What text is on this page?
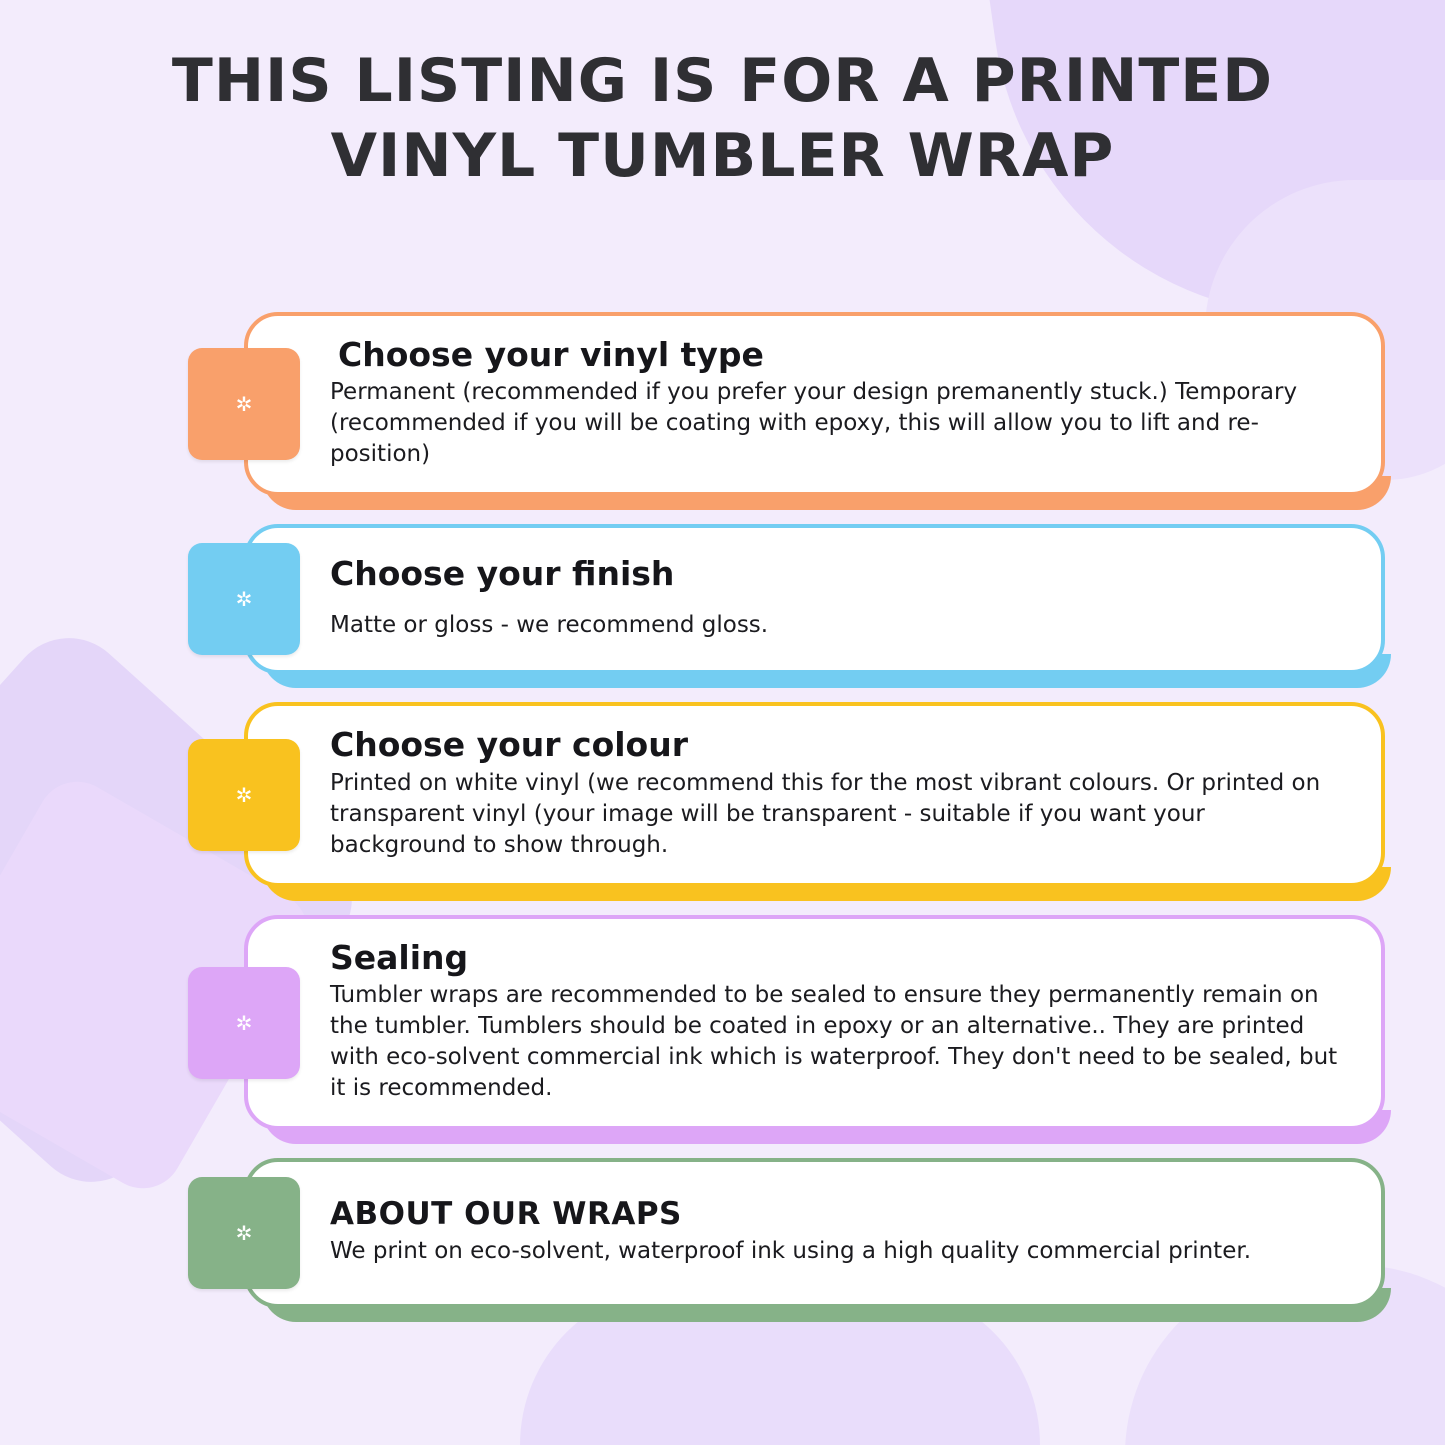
THIS LISTING IS FOR A PRINTED VINYL TUMBLER WRAP
✲
Choose your vinyl type
Permanent (recommended if you prefer your design premanently stuck.) Temporary (recommended if you will be coating with epoxy, this will allow you to lift and re-position)
✲
Choose your finish
Matte or gloss - we recommend gloss.
✲
Choose your colour
Printed on white vinyl (we recommend this for the most vibrant colours. Or printed on transparent vinyl (your image will be transparent - suitable if you want your background to show through.
✲
Sealing
Tumbler wraps are recommended to be sealed to ensure they permanently remain on the tumbler. Tumblers should be coated in epoxy or an alternative.. They are printed with eco-solvent commercial ink which is waterproof. They don't need to be sealed, but it is recommended.
✲
ABOUT OUR WRAPS
We print on eco-solvent, waterproof ink using a high quality commercial printer.
